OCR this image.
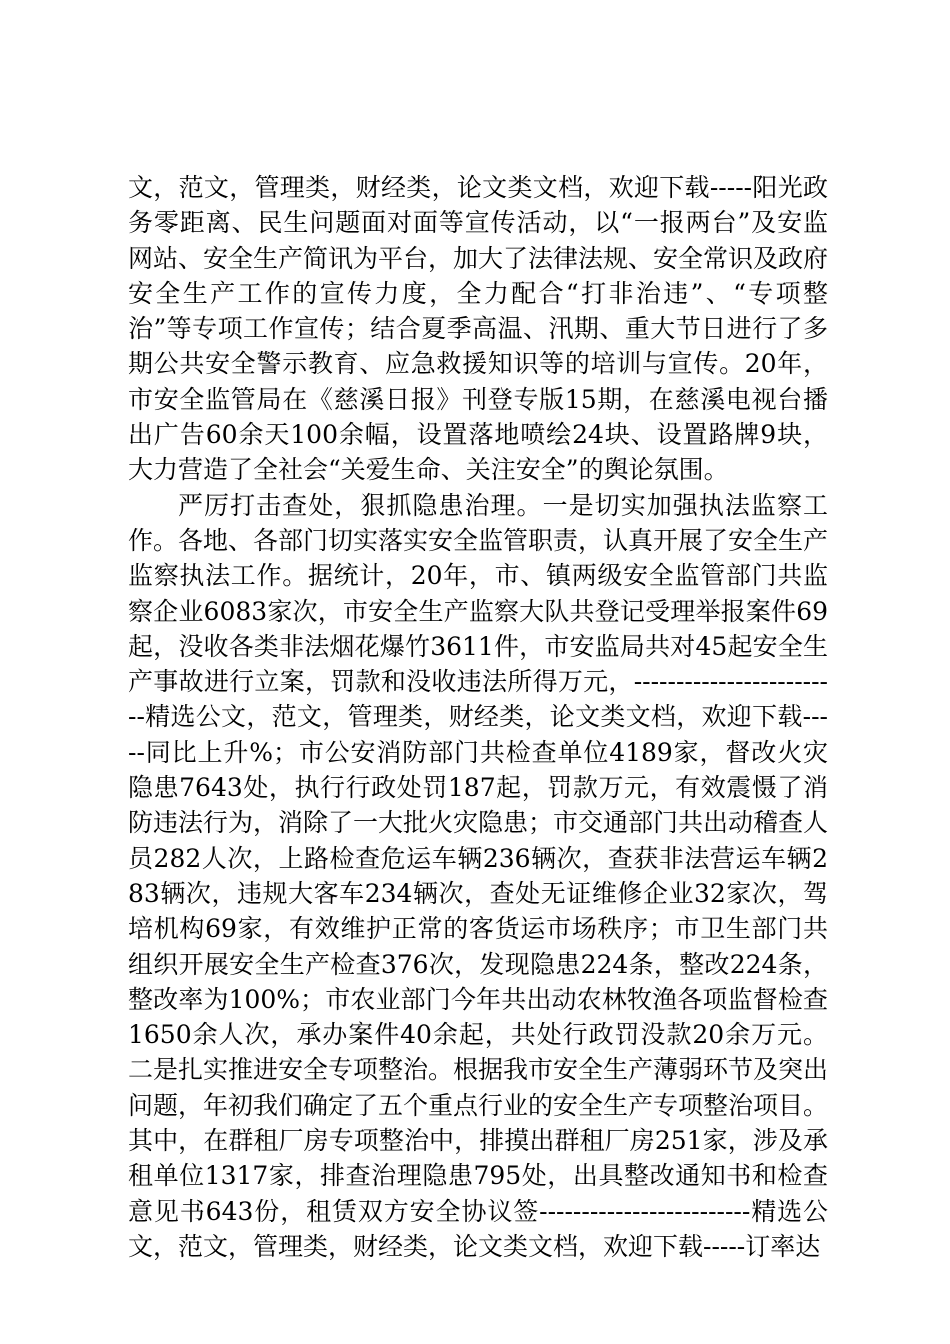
文，范文，管理类，财经类，论文类文档，欢迎下载-----阳光政务零距离、民生问题面对面等宣传活动，以“一报两台”及安监网站、安全生产简讯为平台，加大了法律法规、安全常识及政府安全生产工作的宣传力度，全力配合“打非治违”、“专项整治”等专项工作宣传；结合夏季高温、汛期、重大节日进行了多期公共安全警示教育、应急救援知识等的培训与宣传。20年，市安全监管局在《慈溪日报》刊登专版15期，在慈溪电视台播出广告60余天100余幅，设置落地喷绘24块、设置路牌9块，大力营造了全社会“关爱生命、关注安全”的舆论氛围。

严厉打击查处，狠抓隐患治理。一是切实加强执法监察工作。各地、各部门切实落实安全监管职责，认真开展了安全生产监察执法工作。据统计，20年，市、镇两级安全监管部门共监察企业6083家次，市安全生产监察大队共登记受理举报案件69起，没收各类非法烟花爆竹3611件，市安监局共对45起安全生产事故进行立案，罚款和没收违法所得万元，-------------------------精选公文，范文，管理类，财经类，论文类文档，欢迎下载-----同比上升%；市公安消防部门共检查单位4189家，督改火灾隐患7643处，执行行政处罚187起，罚款万元，有效震慑了消防违法行为，消除了一大批火灾隐患；市交通部门共出动稽查人员282人次，上路检查危运车辆236辆次，查获非法营运车辆283辆次，违规大客车234辆次，查处无证维修企业32家次，驾培机构69家，有效维护正常的客货运市场秩序；市卫生部门共组织开展安全生产检查376次，发现隐患224条，整改224条，整改率为100%；市农业部门今年共出动农林牧渔各项监督检查1650余人次，承办案件40余起，共处行政罚没款20余万元。二是扎实推进安全专项整治。根据我市安全生产薄弱环节及突出问题，年初我们确定了五个重点行业的安全生产专项整治项目。其中，在群租厂房专项整治中，排摸出群租厂房251家，涉及承租单位1317家，排查治理隐患795处，出具整改通知书和检查意见书643份，租赁双方安全协议签-------------------------精选公文，范文，管理类，财经类，论文类文档，欢迎下载-----订率达
